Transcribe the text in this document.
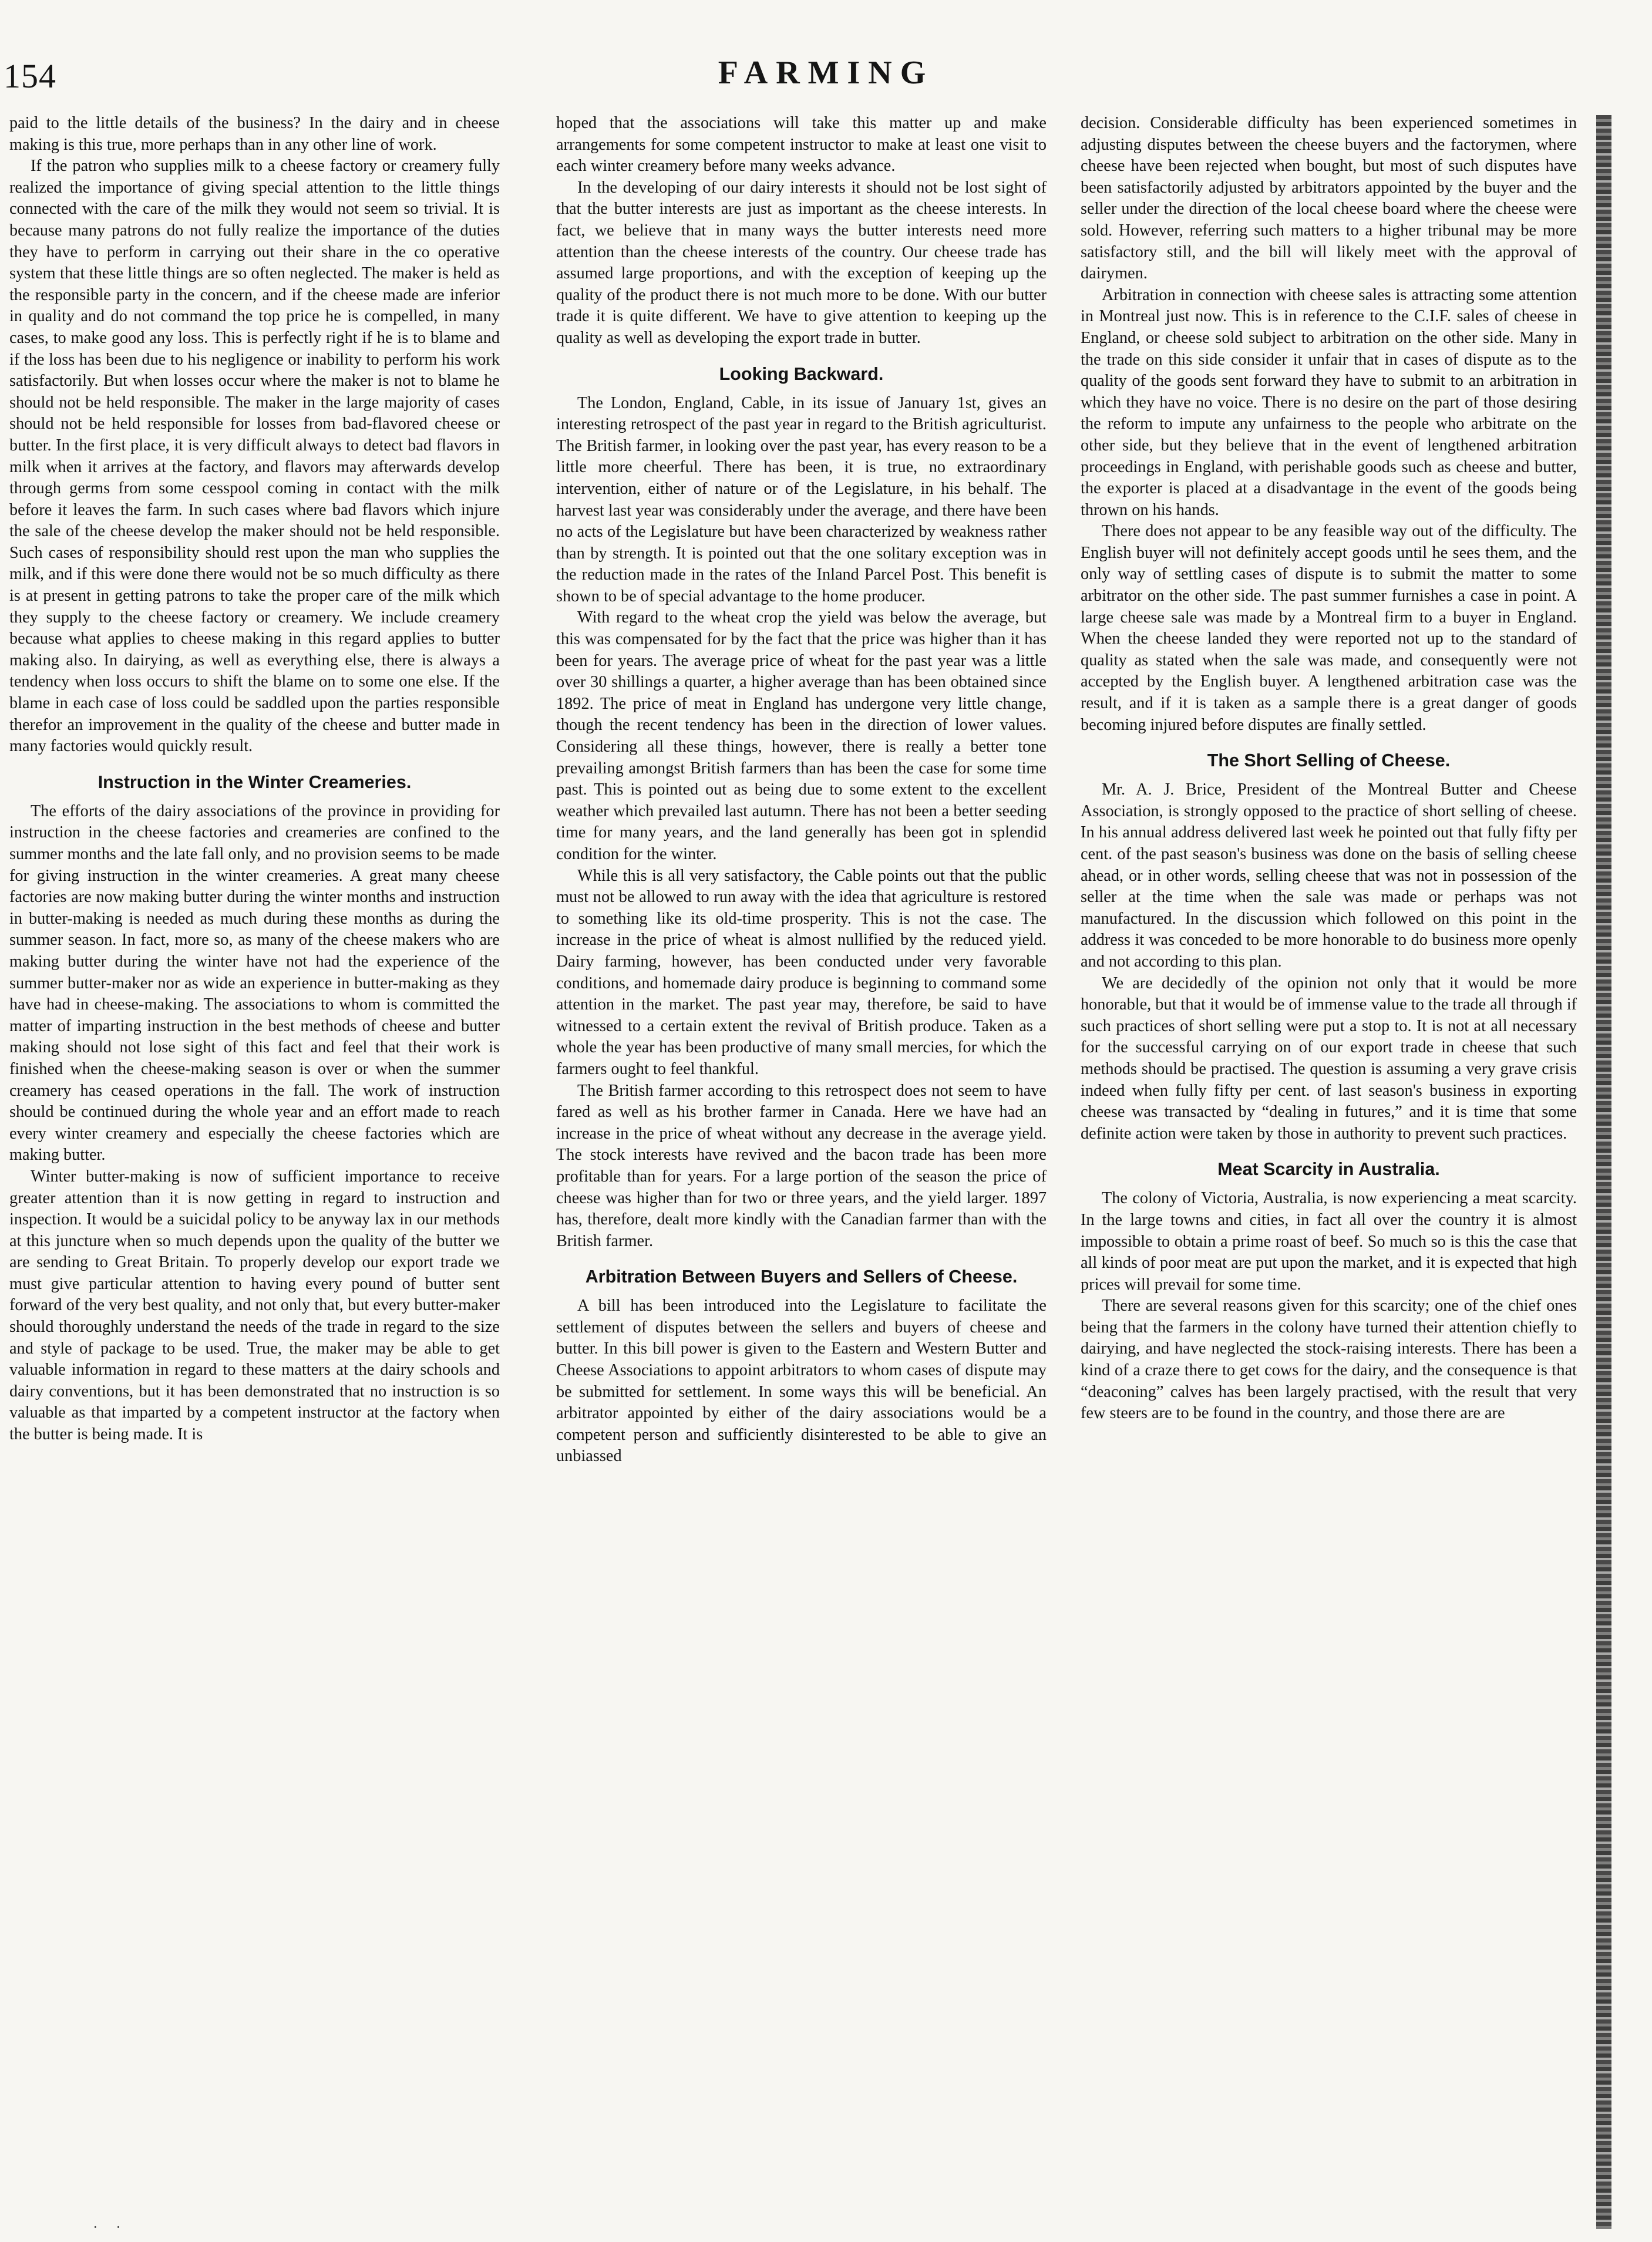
154	FARMING

paid to the little details of the business? In the dairy and in cheese making is this true, more perhaps than in any other line of work.

If the patron who supplies milk to a cheese factory or creamery fully realized the importance of giving special attention to the little things connected with the care of the milk they would not seem so trivial. It is because many patrons do not fully realize the importance of the duties they have to perform in carrying out their share in the co operative system that these little things are so often neglected. The maker is held as the responsible party in the concern, and if the cheese made are inferior in quality and do not command the top price he is compelled, in many cases, to make good any loss. This is perfectly right if he is to blame and if the loss has been due to his negligence or inability to perform his work satisfactorily. But when losses occur where the maker is not to blame he should not be held responsible. The maker in the large majority of cases should not be held responsible for losses from bad-flavored cheese or butter. In the first place, it is very difficult always to detect bad flavors in milk when it arrives at the factory, and flavors may afterwards develop through germs from some cesspool coming in contact with the milk before it leaves the farm. In such cases where bad flavors which injure the sale of the cheese develop the maker should not be held responsible. Such cases of responsibility should rest upon the man who supplies the milk, and if this were done there would not be so much difficulty as there is at present in getting patrons to take the proper care of the milk which they supply to the cheese factory or creamery. We include creamery because what applies to cheese making in this regard applies to butter making also. In dairying, as well as everything else, there is always a tendency when loss occurs to shift the blame on to some one else. If the blame in each case of loss could be saddled upon the parties responsible therefor an improvement in the quality of the cheese and butter made in many factories would quickly result.

Instruction in the Winter Creameries.

The efforts of the dairy associations of the province in providing for instruction in the cheese factories and creameries are confined to the summer months and the late fall only, and no provision seems to be made for giving instruction in the winter creameries. A great many cheese factories are now making butter during the winter months and instruction in butter-making is needed as much during these months as during the summer season. In fact, more so, as many of the cheese makers who are making butter during the winter have not had the experience of the summer butter-maker nor as wide an experience in butter-making as they have had in cheese-making. The associations to whom is committed the matter of imparting instruction in the best methods of cheese and butter making should not lose sight of this fact and feel that their work is finished when the cheese-making season is over or when the summer creamery has ceased operations in the fall. The work of instruction should be continued during the whole year and an effort made to reach every winter creamery and especially the cheese factories which are making butter.

Winter butter-making is now of sufficient importance to receive greater attention than it is now getting in regard to instruction and inspection. It would be a suicidal policy to be anyway lax in our methods at this juncture when so much depends upon the quality of the butter we are sending to Great Britain. To properly develop our export trade we must give particular attention to having every pound of butter sent forward of the very best quality, and not only that, but every butter-maker should thoroughly understand the needs of the trade in regard to the size and style of package to be used. True, the maker may be able to get valuable information in regard to these matters at the dairy schools and dairy conventions, but it has been demonstrated that no instruction is so valuable as that imparted by a competent instructor at the factory when the butter is being made. It is

hoped that the associations will take this matter up and make arrangements for some competent instructor to make at least one visit to each winter creamery before many weeks advance.

In the developing of our dairy interests it should not be lost sight of that the butter interests are just as important as the cheese interests. In fact, we believe that in many ways the butter interests need more attention than the cheese interests of the country. Our cheese trade has assumed large proportions, and with the exception of keeping up the quality of the product there is not much more to be done. With our butter trade it is quite different. We have to give attention to keeping up the quality as well as developing the export trade in butter.

Looking Backward.

The London, England, Cable, in its issue of January 1st, gives an interesting retrospect of the past year in regard to the British agriculturist. The British farmer, in looking over the past year, has every reason to be a little more cheerful. There has been, it is true, no extraordinary intervention, either of nature or of the Legislature, in his behalf. The harvest last year was considerably under the average, and there have been no acts of the Legislature but have been characterized by weakness rather than by strength. It is pointed out that the one solitary exception was in the reduction made in the rates of the Inland Parcel Post. This benefit is shown to be of special advantage to the home producer.

With regard to the wheat crop the yield was below the average, but this was compensated for by the fact that the price was higher than it has been for years. The average price of wheat for the past year was a little over 30 shillings a quarter, a higher average than has been obtained since 1892. The price of meat in England has undergone very little change, though the recent tendency has been in the direction of lower values. Considering all these things, however, there is really a better tone prevailing amongst British farmers than has been the case for some time past. This is pointed out as being due to some extent to the excellent weather which prevailed last autumn. There has not been a better seeding time for many years, and the land generally has been got in splendid condition for the winter.

While this is all very satisfactory, the Cable points out that the public must not be allowed to run away with the idea that agriculture is restored to something like its old-time prosperity. This is not the case. The increase in the price of wheat is almost nullified by the reduced yield. Dairy farming, however, has been conducted under very favorable conditions, and homemade dairy produce is beginning to command some attention in the market. The past year may, therefore, be said to have witnessed to a certain extent the revival of British produce. Taken as a whole the year has been productive of many small mercies, for which the farmers ought to feel thankful.

The British farmer according to this retrospect does not seem to have fared as well as his brother farmer in Canada. Here we have had an increase in the price of wheat without any decrease in the average yield. The stock interests have revived and the bacon trade has been more profitable than for years. For a large portion of the season the price of cheese was higher than for two or three years, and the yield larger. 1897 has, therefore, dealt more kindly with the Canadian farmer than with the British farmer.

Arbitration Between Buyers and Sellers of Cheese.

A bill has been introduced into the Legislature to facilitate the settlement of disputes between the sellers and buyers of cheese and butter. In this bill power is given to the Eastern and Western Butter and Cheese Associations to appoint arbitrators to whom cases of dispute may be submitted for settlement. In some ways this will be beneficial. An arbitrator appointed by either of the dairy associations would be a competent person and sufficiently disinterested to be able to give an unbiassed

decision. Considerable difficulty has been experienced sometimes in adjusting disputes between the cheese buyers and the factorymen, where cheese have been rejected when bought, but most of such disputes have been satisfactorily adjusted by arbitrators appointed by the buyer and the seller under the direction of the local cheese board where the cheese were sold. However, referring such matters to a higher tribunal may be more satisfactory still, and the bill will likely meet with the approval of dairymen.

Arbitration in connection with cheese sales is attracting some attention in Montreal just now. This is in reference to the C.I.F. sales of cheese in England, or cheese sold subject to arbitration on the other side. Many in the trade on this side consider it unfair that in cases of dispute as to the quality of the goods sent forward they have to submit to an arbitration in which they have no voice. There is no desire on the part of those desiring the reform to impute any unfairness to the people who arbitrate on the other side, but they believe that in the event of lengthened arbitration proceedings in England, with perishable goods such as cheese and butter, the exporter is placed at a disadvantage in the event of the goods being thrown on his hands.

There does not appear to be any feasible way out of the difficulty. The English buyer will not definitely accept goods until he sees them, and the only way of settling cases of dispute is to submit the matter to some arbitrator on the other side. The past summer furnishes a case in point. A large cheese sale was made by a Montreal firm to a buyer in England. When the cheese landed they were reported not up to the standard of quality as stated when the sale was made, and consequently were not accepted by the English buyer. A lengthened arbitration case was the result, and if it is taken as a sample there is a great danger of goods becoming injured before disputes are finally settled.

The Short Selling of Cheese.

Mr. A. J. Brice, President of the Montreal Butter and Cheese Association, is strongly opposed to the practice of short selling of cheese. In his annual address delivered last week he pointed out that fully fifty per cent. of the past season's business was done on the basis of selling cheese ahead, or in other words, selling cheese that was not in possession of the seller at the time when the sale was made or perhaps was not manufactured. In the discussion which followed on this point in the address it was conceded to be more honorable to do business more openly and not according to this plan.

We are decidedly of the opinion not only that it would be more honorable, but that it would be of immense value to the trade all through if such practices of short selling were put a stop to. It is not at all necessary for the successful carrying on of our export trade in cheese that such methods should be practised. The question is assuming a very grave crisis indeed when fully fifty per cent. of last season's business in exporting cheese was transacted by “dealing in futures,” and it is time that some definite action were taken by those in authority to prevent such practices.

Meat Scarcity in Australia.

The colony of Victoria, Australia, is now experiencing a meat scarcity. In the large towns and cities, in fact all over the country it is almost impossible to obtain a prime roast of beef. So much so is this the case that all kinds of poor meat are put upon the market, and it is expected that high prices will prevail for some time.

There are several reasons given for this scarcity; one of the chief ones being that the farmers in the colony have turned their attention chiefly to dairying, and have neglected the stock-raising interests. There has been a kind of a craze there to get cows for the dairy, and the consequence is that “deaconing” calves has been largely practised, with the result that very few steers are to be found in the country, and those there are are

· ·
